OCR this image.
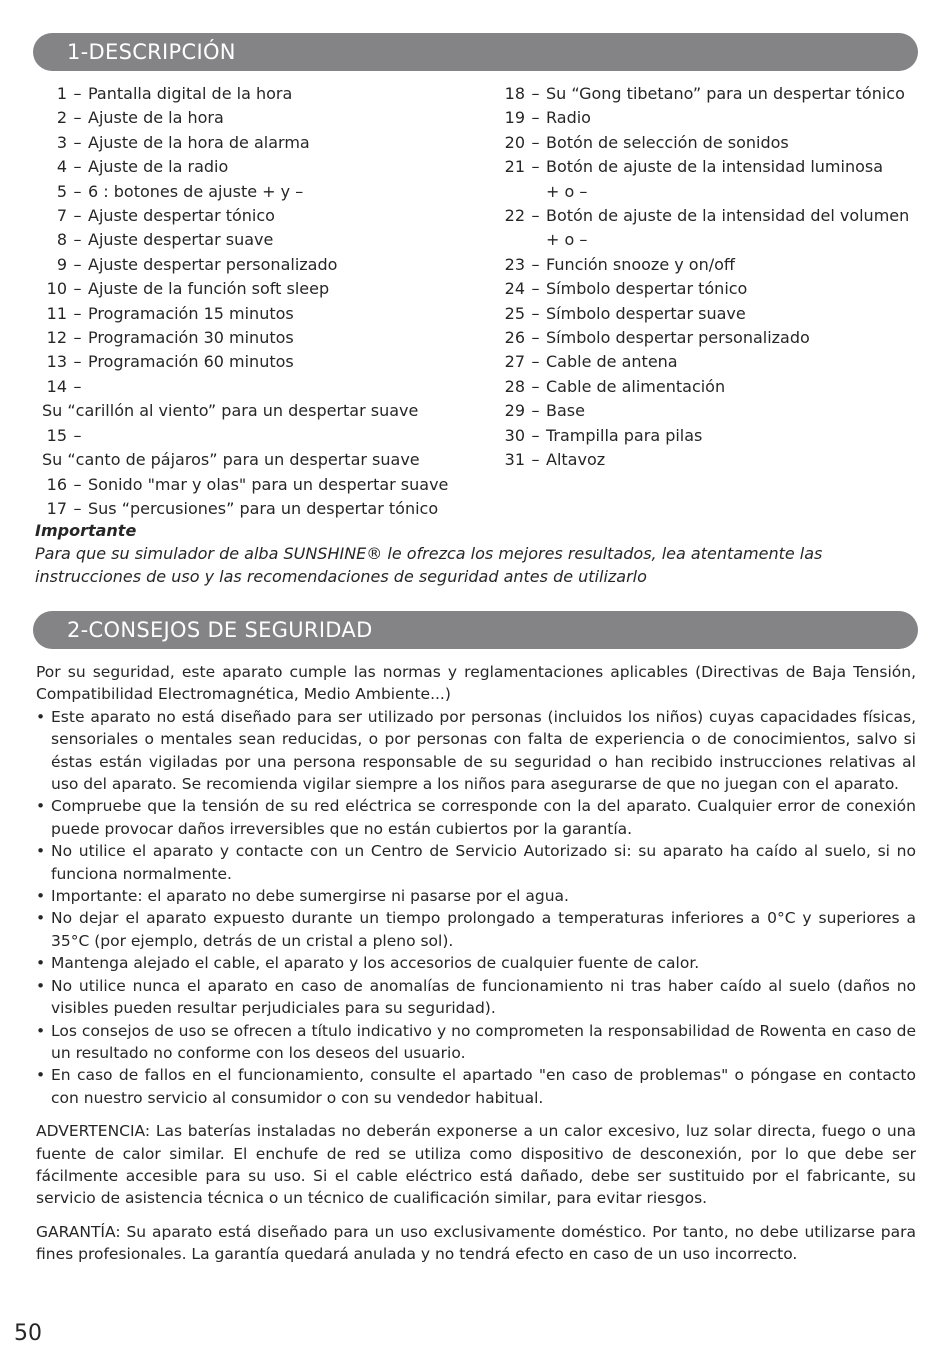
1-DESCRIPCIÓN
1 – Pantalla digital de la hora
2 – Ajuste de la hora
3 – Ajuste de la hora de alarma
4 – Ajuste de la radio
5 – 6 : botones de ajuste + y –
7 – Ajuste despertar tónico
8 – Ajuste despertar suave
9 – Ajuste despertar personalizado
10 – Ajuste de la función soft sleep
11 – Programación 15 minutos
12 – Programación 30 minutos
13 – Programación 60 minutos
14 –
Su “carillón al viento” para un despertar suave
15 –
Su “canto de pájaros” para un despertar suave
16 – Sonido "mar y olas" para un despertar suave
17 – Sus “percusiones” para un despertar tónico
18 – Su “Gong tibetano” para un despertar tónico
19 – Radio
20 – Botón de selección de sonidos
21 – Botón de ajuste de la intensidad luminosa
+ o –
22 – Botón de ajuste de la intensidad del volumen
+ o –
23 – Función snooze y on/off
24 – Símbolo despertar tónico
25 – Símbolo despertar suave
26 – Símbolo despertar personalizado
27 – Cable de antena
28 – Cable de alimentación
29 – Base
30 – Trampilla para pilas
31 – Altavoz
Importante
Para que su simulador de alba SUNSHINE® le ofrezca los mejores resultados, lea atentamente las instrucciones de uso y las recomendaciones de seguridad antes de utilizarlo
2-CONSEJOS DE SEGURIDAD

Por su seguridad, este aparato cumple las normas y reglamentaciones aplicables (Directivas de Baja Tensión, Compatibilidad Electromagnética, Medio Ambiente...)

• Este aparato no está diseñado para ser utilizado por personas (incluidos los niños) cuyas capacidades físicas, sensoriales o mentales sean reducidas, o por personas con falta de experiencia o de conocimientos, salvo si éstas están vigiladas por una persona responsable de su seguridad o han recibido instrucciones relativas al uso del aparato. Se recomienda vigilar siempre a los niños para asegurarse de que no juegan con el aparato.
• Compruebe que la tensión de su red eléctrica se corresponde con la del aparato. Cualquier error de conexión puede provocar daños irreversibles que no están cubiertos por la garantía.
• No utilice el aparato y contacte con un Centro de Servicio Autorizado si: su aparato ha caído al suelo, si no funciona normalmente.
• Importante: el aparato no debe sumergirse ni pasarse por el agua.
• No dejar el aparato expuesto durante un tiempo prolongado a temperaturas inferiores a 0°C y superiores a 35°C (por ejemplo, detrás de un cristal a pleno sol).
• Mantenga alejado el cable, el aparato y los accesorios de cualquier fuente de calor.
• No utilice nunca el aparato en caso de anomalías de funcionamiento ni tras haber caído al suelo (daños no visibles pueden resultar perjudiciales para su seguridad).
• Los consejos de uso se ofrecen a título indicativo y no comprometen la responsabilidad de Rowenta en caso de un resultado no conforme con los deseos del usuario.
• En caso de fallos en el funcionamiento, consulte el apartado "en caso de problemas" o póngase en contacto con nuestro servicio al consumidor o con su vendedor habitual.

ADVERTENCIA: Las baterías instaladas no deberán exponerse a un calor excesivo, luz solar directa, fuego o una fuente de calor similar. El enchufe de red se utiliza como dispositivo de desconexión, por lo que debe ser fácilmente accesible para su uso. Si el cable eléctrico está dañado, debe ser sustituido por el fabricante, su servicio de asistencia técnica o un técnico de cualificación similar, para evitar riesgos.

GARANTÍA: Su aparato está diseñado para un uso exclusivamente doméstico. Por tanto, no debe utilizarse para fines profesionales. La garantía quedará anulada y no tendrá efecto en caso de un uso incorrecto.

50
